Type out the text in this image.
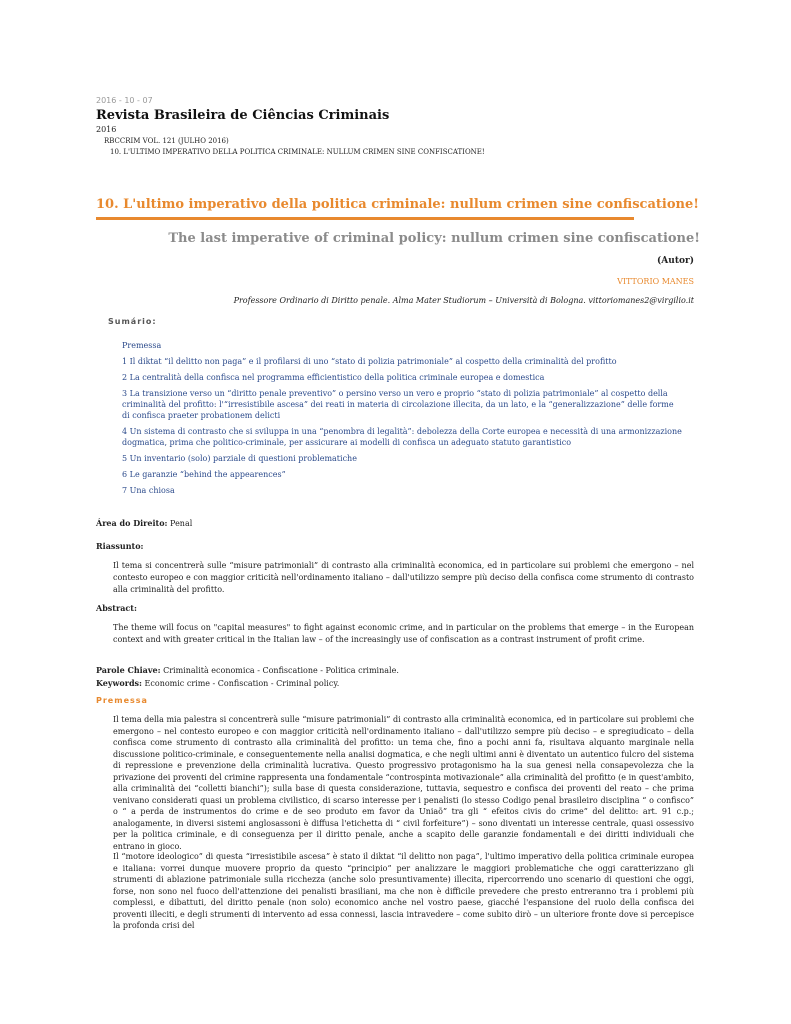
2016 - 10 - 07
Revista Brasileira de Ciências Criminais
2016
RBCCRIM VOL. 121 (JULHO 2016)
10. L'ULTIMO IMPERATIVO DELLA POLITICA CRIMINALE: NULLUM CRIMEN SINE CONFISCATIONE!
10. L'ultimo imperativo della politica criminale: nullum crimen sine confiscatione!
The last imperative of criminal policy: nullum crimen sine confiscatione!
(Autor)
VITTORIO MANES
Professore Ordinario di Diritto penale. Alma Mater Studiorum – Università di Bologna. vittoriomanes2@virgilio.it
Sumário:
Premessa
1 Il diktat “il delitto non paga” e il profilarsi di uno “stato di polizia patrimoniale” al cospetto della criminalità del profitto
2 La centralità della confisca nel programma efficientistico della politica criminale europea e domestica
3 La transizione verso un “diritto penale preventivo” o persino verso un vero e proprio “stato di polizia patrimoniale” al cospetto della criminalità del profitto: l'“irresistibile ascesa” dei reati in materia di circolazione illecita, da un lato, e la “generalizzazione” delle forme di confisca praeter probationem delicti
4 Un sistema di contrasto che si sviluppa in una “penombra di legalità”: debolezza della Corte europea e necessità di una armonizzazione dogmatica, prima che politico-criminale, per assicurare ai modelli di confisca un adeguato statuto garantistico
5 Un inventario (solo) parziale di questioni problematiche
6 Le garanzie “behind the appearences”
7 Una chiosa
Área do Direito: Penal
Riassunto:
Il tema si concentrerà sulle “misure patrimoniali” di contrasto alla criminalità economica, ed in particolare sui problemi che emergono – nel contesto europeo e con maggior criticità nell'ordinamento italiano – dall'utilizzo sempre più deciso della confisca come strumento di contrasto alla criminalità del profitto.
Abstract:
The theme will focus on "capital measures" to fight against economic crime, and in particular on the problems that emerge – in the European context and with greater critical in the Italian law – of the increasingly use of confiscation as a contrast instrument of profit crime.
Parole Chiave: Criminalità economica - Confiscatione - Politica criminale.
Keywords: Economic crime - Confiscation - Criminal policy.
Premessa
Il tema della mia palestra si concentrerà sulle “misure patrimoniali” di contrasto alla criminalità economica, ed in particolare sui problemi che emergono – nel contesto europeo e con maggior criticità nell'ordinamento italiano – dall'utilizzo sempre più deciso – e spregiudicato – della confisca come strumento di contrasto alla criminalità del profitto: un tema che, fino a pochi anni fa, risultava alquanto marginale nella discussione politico-criminale, e conseguentemente nella analisi dogmatica, e che negli ultimi anni è diventato un autentico fulcro del sistema di repressione e prevenzione della criminalità lucrativa. Questo progressivo protagonismo ha la sua genesi nella consapevolezza che la privazione dei proventi del crimine rappresenta una fondamentale “controspinta motivazionale” alla criminalità del profitto (e in quest'ambito, alla criminalità dei “colletti bianchi”); sulla base di questa considerazione, tuttavia, sequestro e confisca dei proventi del reato – che prima venivano considerati quasi un problema civilistico, di scarso interesse per i penalisti (lo stesso Codigo penal brasileiro disciplina “ o confisco” o “ a perda de instrumentos do crime e de seo produto em favor da Uniaõ” tra gli “ efeitos civis do crime” del delitto: art. 91 c.p.; analogamente, in diversi sistemi anglosassoni è diffusa l'etichetta di “ civil forfeiture”) – sono diventati un interesse centrale, quasi ossessivo per la politica criminale, e di conseguenza per il diritto penale, anche a scapito delle garanzie fondamentali e dei diritti individuali che entrano in gioco.
Il “motore ideologico” di questa “irresistibile ascesa” è stato il diktat “il delitto non paga”, l'ultimo imperativo della politica criminale europea e italiana: vorrei dunque muovere proprio da questo “principio” per analizzare le maggiori problematiche che oggi caratterizzano gli strumenti di ablazione patrimoniale sulla ricchezza (anche solo presuntivamente) illecita, ripercorrendo uno scenario di questioni che oggi, forse, non sono nel fuoco dell'attenzione dei penalisti brasiliani, ma che non è difficile prevedere che presto entreranno tra i problemi più complessi, e dibattuti, del diritto penale (non solo) economico anche nel vostro paese, giacché l'espansione del ruolo della confisca dei proventi illeciti, e degli strumenti di intervento ad essa connessi, lascia intravedere – come subito dirò – un ulteriore fronte dove si percepisce la profonda crisi del
